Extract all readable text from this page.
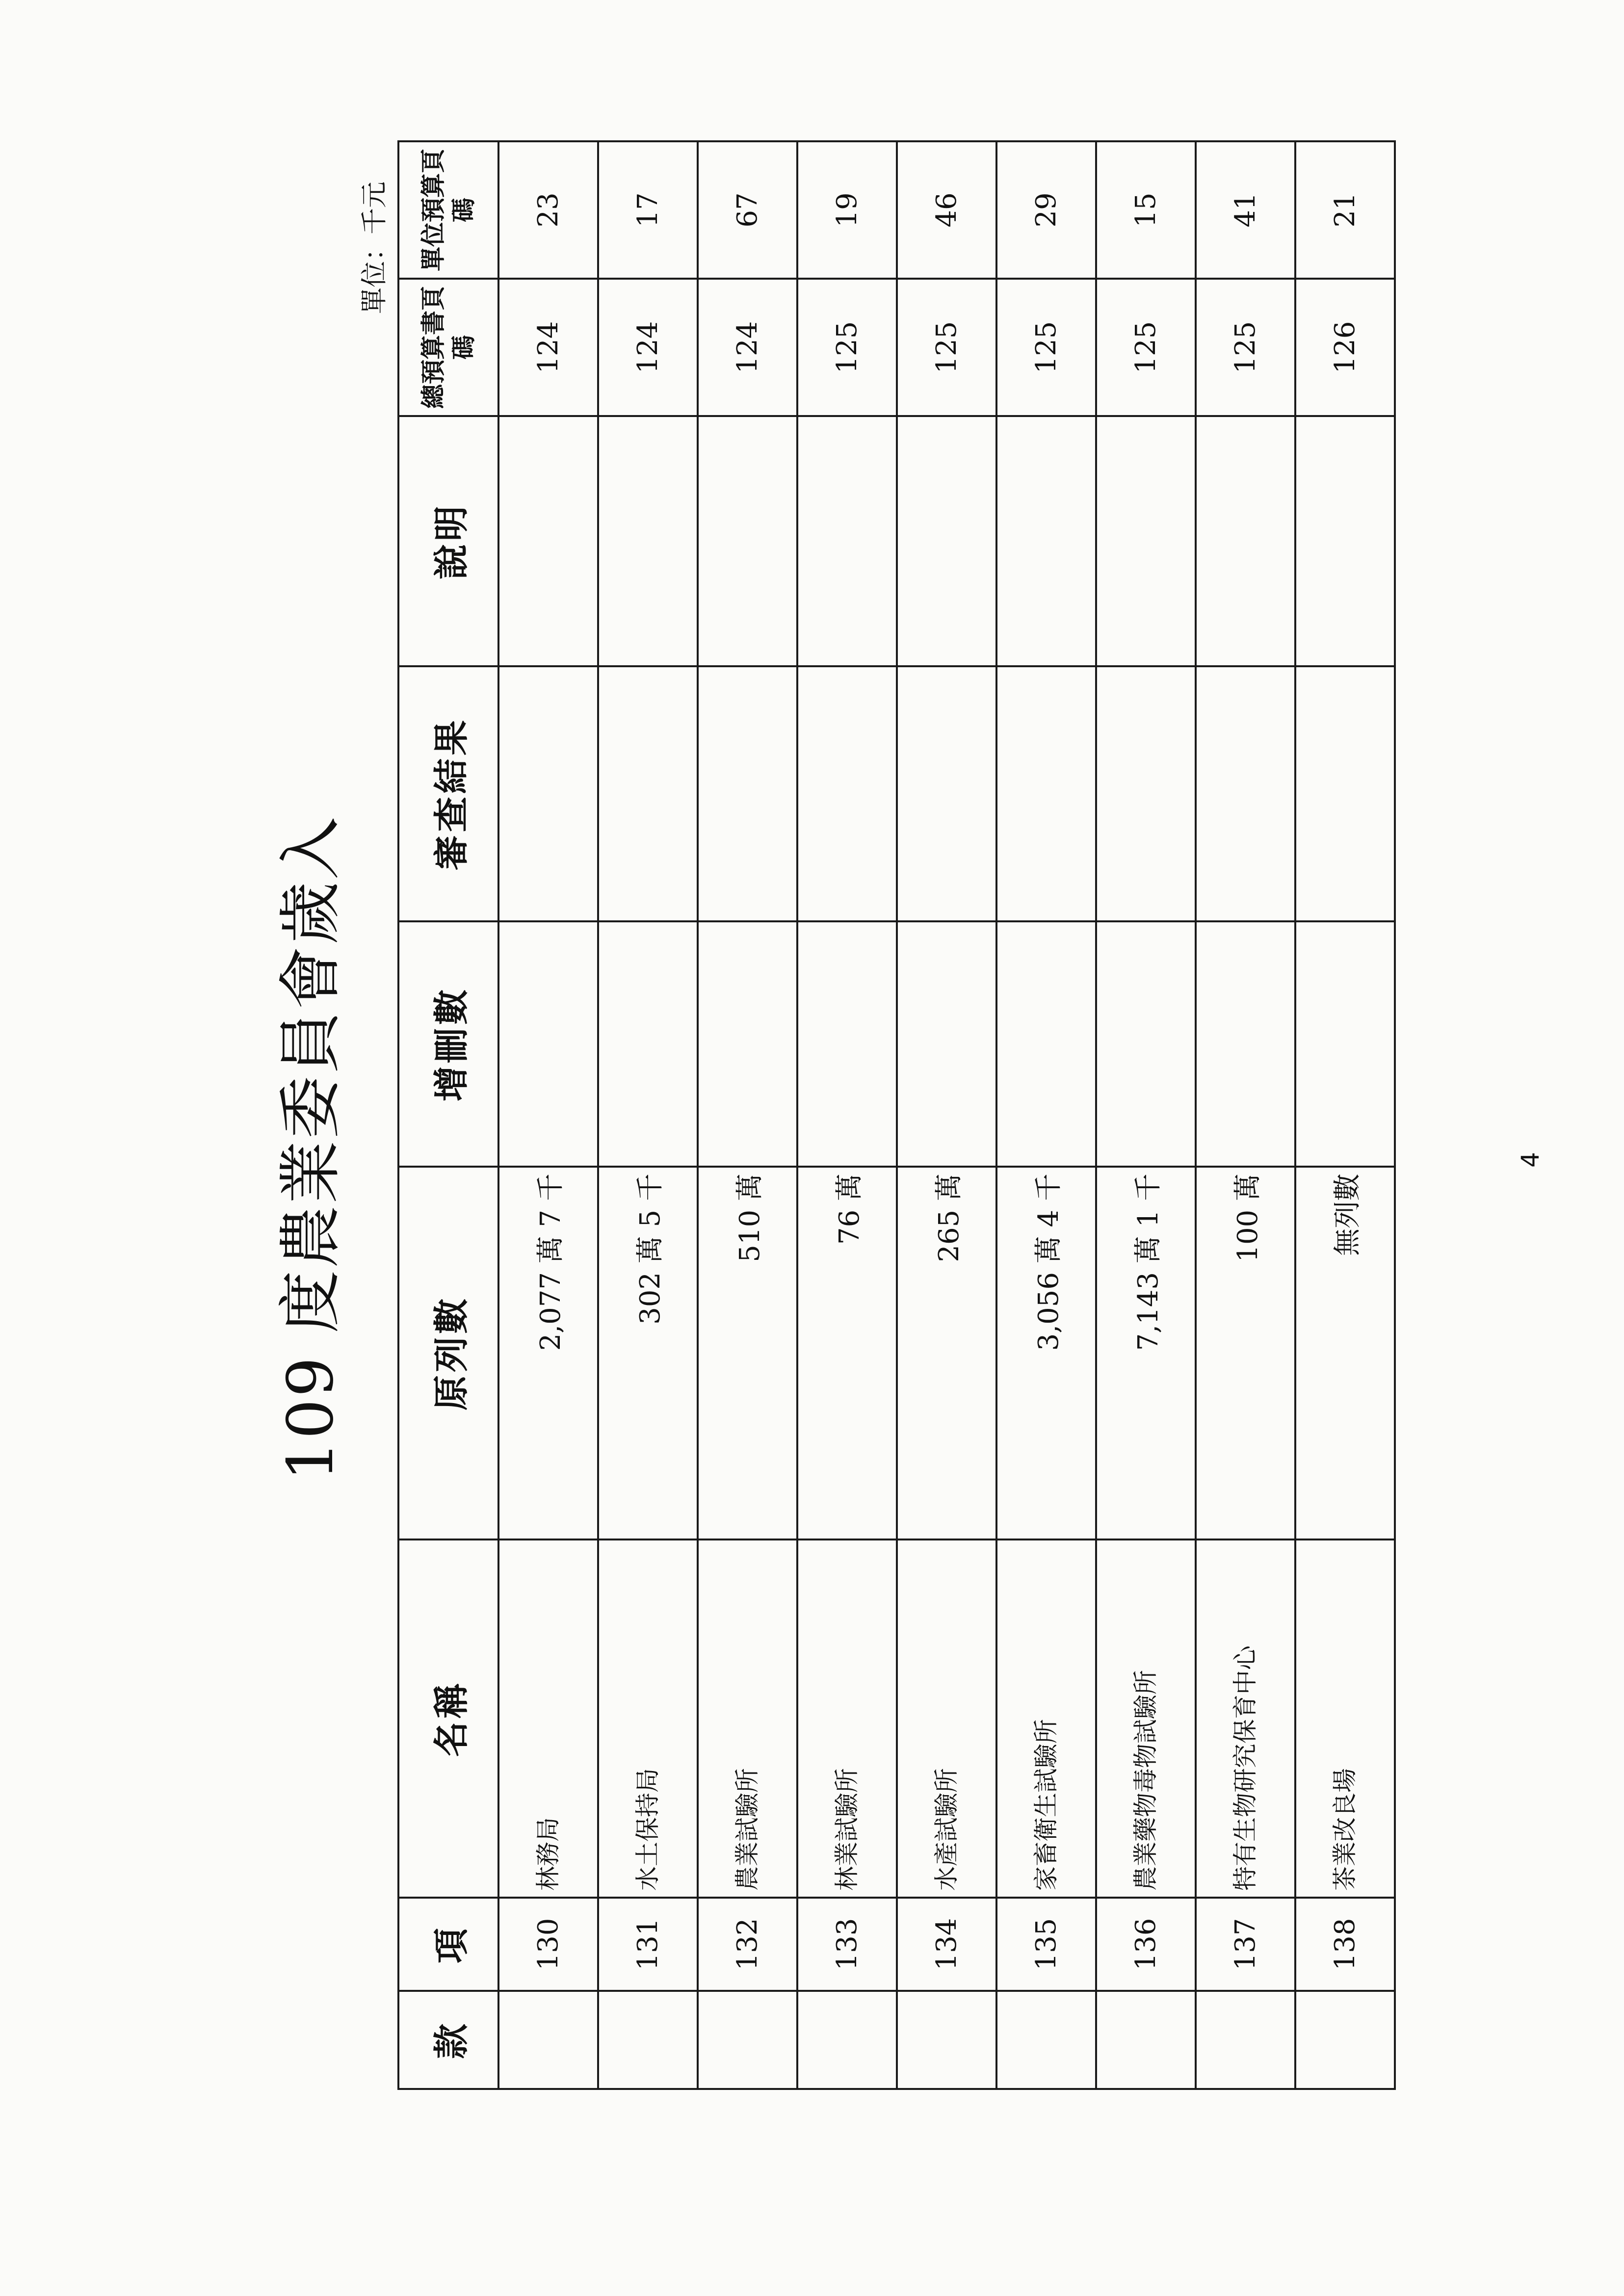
109 度農業委員會歲入
單位：千元
款	項	名稱	原列數	增刪數	審查結果	說明	總預算書頁碼	單位預算頁碼
	130	林務局	2,077 萬 7 千				124	23
	131	水土保持局	302 萬 5 千				124	17
	132	農業試驗所	510 萬				124	67
	133	林業試驗所	76 萬				125	19
	134	水產試驗所	265 萬				125	46
	135	家畜衛生試驗所	3,056 萬 4 千				125	29
	136	農業藥物毒物試驗所	7,143 萬 1 千				125	15
	137	特有生物研究保育中心	100 萬				125	41
	138	茶業改良場	無列數				126	21
4
